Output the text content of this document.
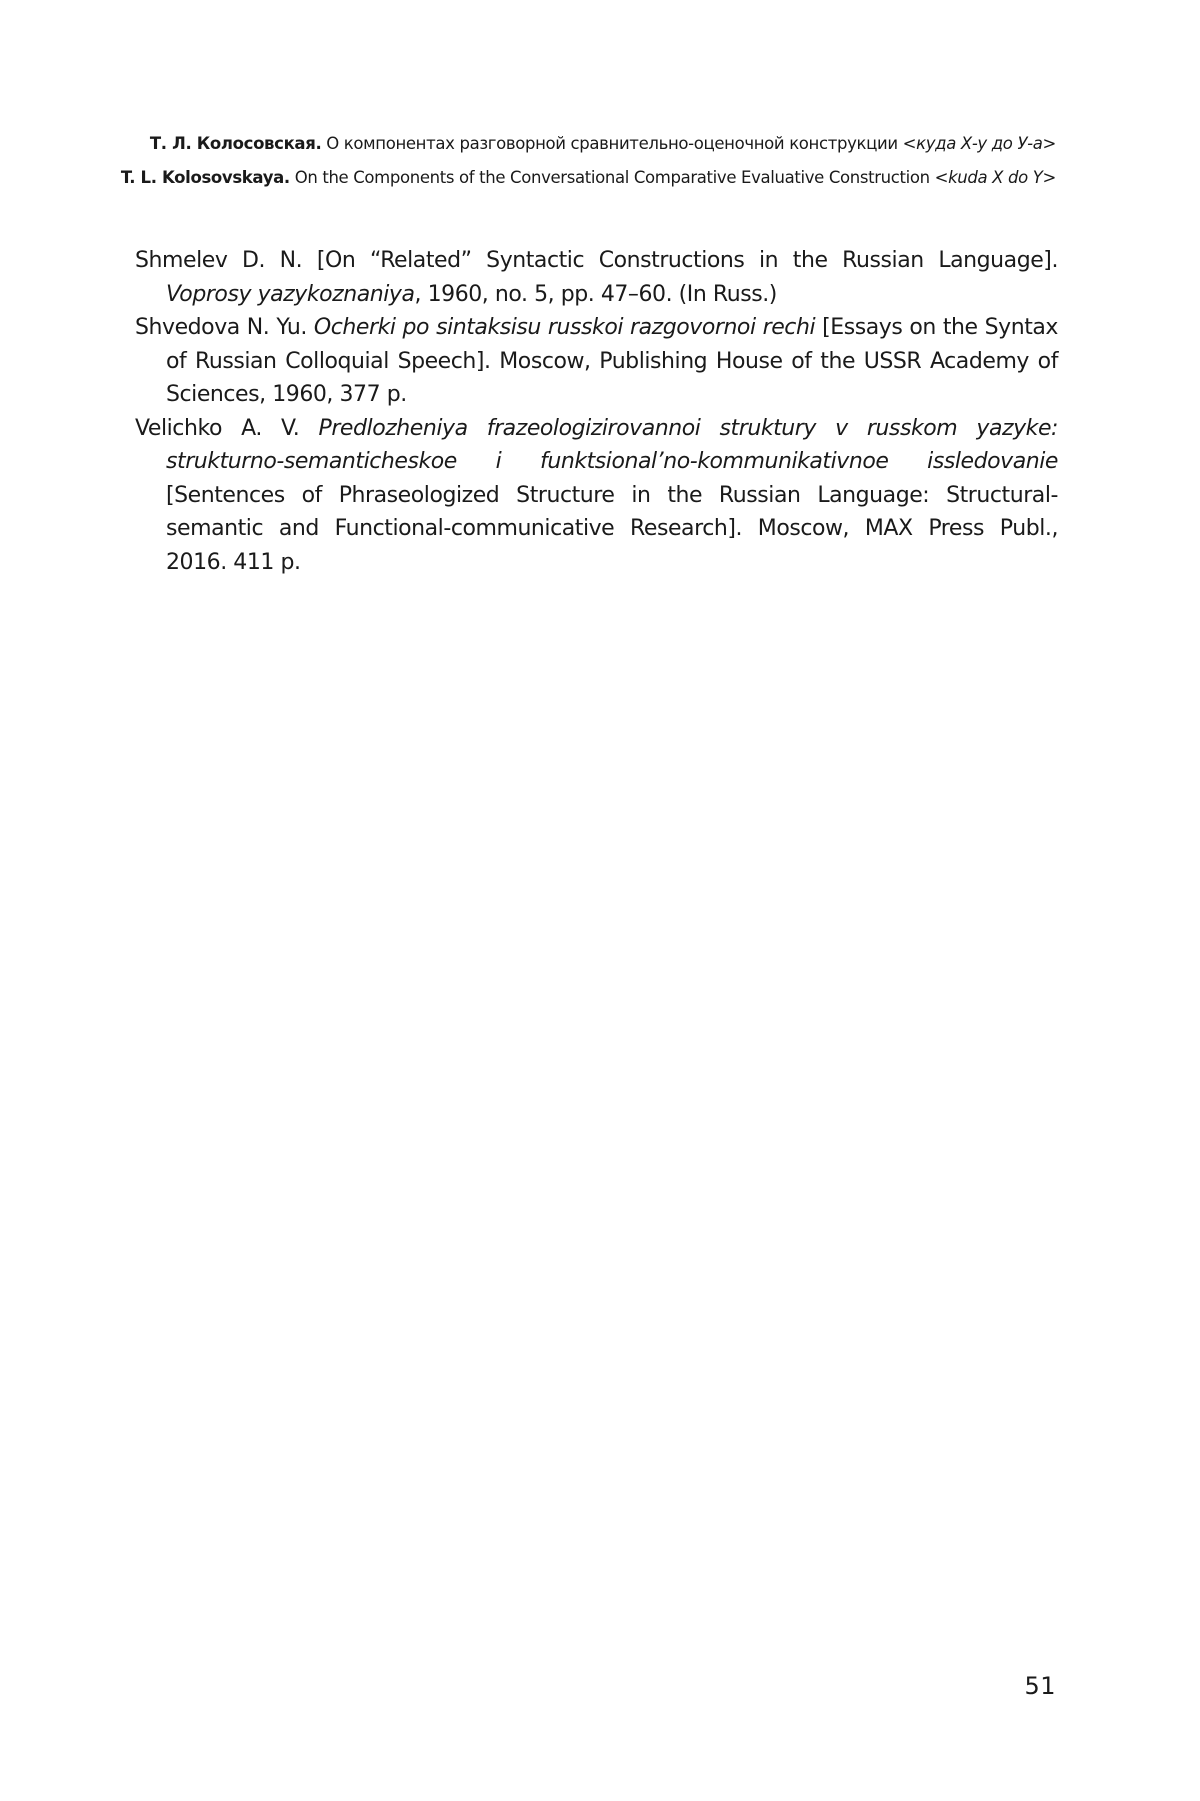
Т. Л. Колосовская. О компонентах разговорной сравнительно-оценочной конструкции <куда Х-у до У-а>
T. L. Kolosovskaya. On the Components of the Conversational Comparative Evaluative Construction <kuda X do Y>

Shmelev D. N. [On “Related” Syntactic Constructions in the Russian Language]. Voprosy yazykoznaniya, 1960, no. 5, pp. 47–60. (In Russ.)

Shvedova N. Yu. Ocherki po sintaksisu russkoi razgovornoi rechi [Essays on the Syntax of Russian Colloquial Speech]. Moscow, Publishing House of the USSR Academy of Sciences, 1960, 377 p.

Velichko A. V. Predlozheniya frazeologizirovannoi struktury v russkom yazyke: strukturno-semanticheskoe i funktsional’no-kommunikativnoe issledovanie [Sentences of Phraseologized Structure in the Russian Language: Structural-semantic and Functional-communicative Research]. Moscow, MAX Press Publ., 2016. 411 p.

51
